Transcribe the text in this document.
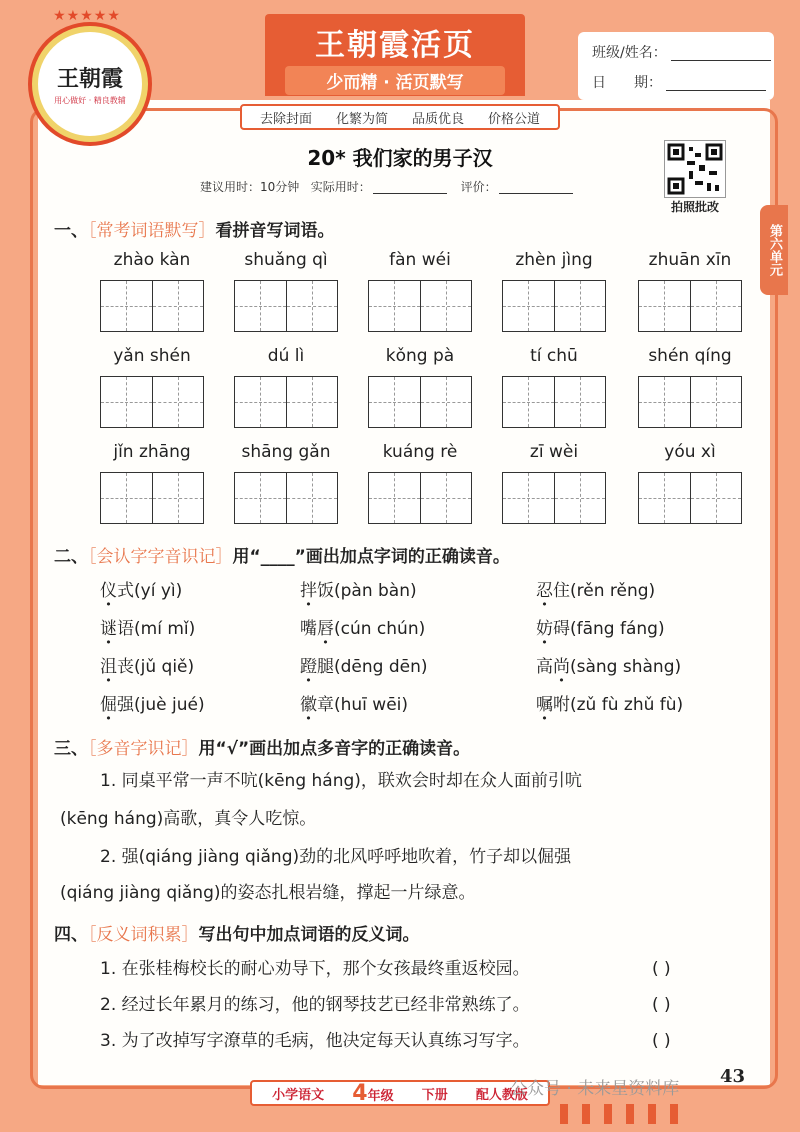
★★★★★
王朝霞
用心做好 · 精良教辅
王朝霞活页
少而精 · 活页默写
去除封面 化繁为简 品质优良 价格公道
班级/姓名：
日　　期：
20* 我们家的男子汉
建议用时：10分钟 实际用时：	评价：
拍照批改
第六单元
一、［常考词语默写］看拼音写词语。
zhào kàn	shuǎng qì	fàn wéi	zhèn jìng	zhuān xīn
yǎn shén	dú lì	kǒng pà	tí chū	shén qíng
jǐn zhāng	shāng gǎn	kuáng rè	zī wèi	yóu xì
二、［会认字字音识记］用“____”画出加点字词的正确读音。
仪式(yí yì)	拌饭(pàn bàn)	忍住(rěn rěng)
谜语(mí mǐ)	嘴唇(cún chún)	妨碍(fāng fáng)
沮丧(jǔ qiě)	蹬腿(dēng dēn)	高尚(sàng shàng)
倔强(juè jué)	徽章(huī wēi)	嘱咐(zǔ fù zhǔ fù)
三、［多音字识记］用“√”画出加点多音字的正确读音。
1. 同桌平常一声不吭(kēng háng)，联欢会时却在众人面前引吭
(kēng háng)高歌，真令人吃惊。
2. 强(qiáng jiàng qiǎng)劲的北风呼呼地吹着，竹子却以倔强
(qiáng jiàng qiǎng)的姿态扎根岩缝，撑起一片绿意。
四、［反义词积累］写出句中加点词语的反义词。
1. 在张桂梅校长的耐心劝导下，那个女孩最终重返校园。	( )
2. 经过长年累月的练习，他的钢琴技艺已经非常熟练了。	( )
3. 为了改掉写字潦草的毛病，他决定每天认真练习写字。	( )
小学语文 4年级 下册 配人教版
公众号 · 未来星资料库
43
